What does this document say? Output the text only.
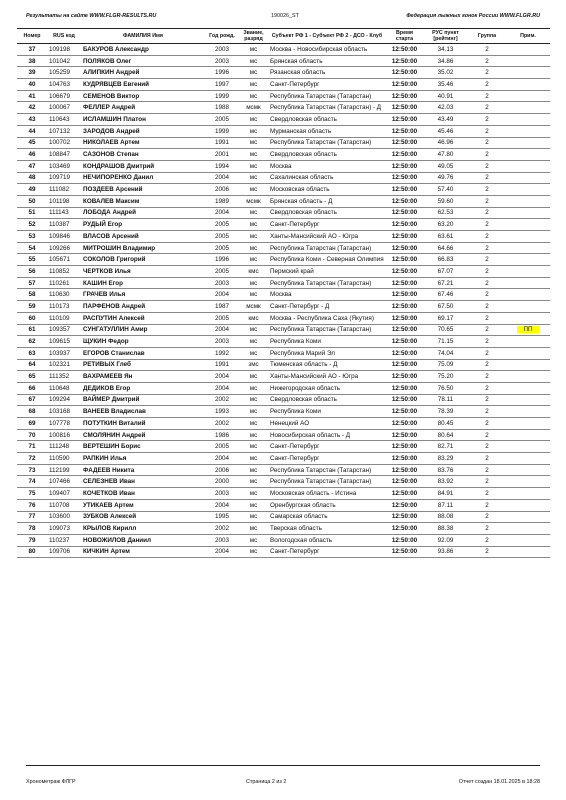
Результаты на сайте WWW.FLGR-RESULTS.RU	190026_ST	Федерация лыжных гонок России WWW.FLGR.RU
Номер	RUS код	ФАМИЛИЯ Имя	Год рожд.	Звание, разряд	Субъект РФ 1 - Субъект РФ 2 - ДСО - Клуб	Время старта	РУС пункт [рейтинг]	Группа	Прим.
37	109198	БАКУРОВ Александр	2003	мс	Москва - Новосибирская область	12:50:00	34.13	2	
38	101042	ПОЛЯКОВ Олег	2003	мс	Брянская область	12:50:00	34.86	2	
39	105259	АЛИПКИН Андрей	1996	мс	Рязанская область	12:50:00	35.02	2	
40	104763	КУДРЯВЦЕВ Евгений	1997	мс	Санкт-Петербург	12:50:00	35.46	2	
41	106679	СЕМЕНОВ Виктор	1999	мс	Республика Татарстан (Татарстан)	12:50:00	40.91	2	
42	100067	ФЕЛЛЕР Андрей	1988	мсмк	Республика Татарстан (Татарстан) - Д	12:50:00	42.03	2	
43	110643	ИСЛАМШИН Платон	2005	мс	Свердловская область	12:50:00	43.49	2	
44	107132	ЗАРОДОВ Андрей	1999	мс	Мурманская область	12:50:00	45.46	2	
45	100702	НИКОЛАЕВ Артем	1991	мс	Республика Татарстан (Татарстан)	12:50:00	46.96	2	
46	108847	САЗОНОВ Степан	2001	мс	Свердловская область	12:50:00	47.80	2	
47	103469	КОНДРАШОВ Дмитрий	1994	мс	Москва	12:50:00	49.05	2	
48	109719	НЕЧИПОРЕНКО Данил	2004	мс	Сахалинская область	12:50:00	49.76	2	
49	111082	ПОЗДЕЕВ Арсений	2006	мс	Московская область	12:50:00	57.40	2	
50	101198	КОВАЛЕВ Максим	1989	мсмк	Брянская область - Д	12:50:00	59.60	2	
51	111143	ЛОБОДА Андрей	2004	мс	Свердловская область	12:50:00	62.53	2	
52	110387	РУДЫЙ Егор	2005	мс	Санкт-Петербург	12:50:00	63.20	2	
53	109846	ВЛАСОВ Арсений	2005	мс	Ханты-Мансийский АО - Югра	12:50:00	63.61	2	
54	109266	МИТРОШИН Владимир	2005	мс	Республика Татарстан (Татарстан)	12:50:00	64.66	2	
55	105671	СОКОЛОВ Григорий	1996	мс	Республика Коми - Северная Олимпия	12:50:00	66.83	2	
56	110852	ЧЕРТКОВ Илья	2005	кмс	Пермский край	12:50:00	67.07	2	
57	110261	КАШИН Егор	2003	мс	Республика Татарстан (Татарстан)	12:50:00	67.21	2	
58	110630	ГРАЧЕВ Илья	2004	мс	Москва	12:50:00	67.46	2	
59	110173	ПАРФЕНОВ Андрей	1987	мсмк	Санкт-Петербург - Д	12:50:00	67.50	2	
60	110109	РАСПУТИН Алексей	2005	кмс	Москва - Республика Саха (Якутия)	12:50:00	69.17	2	
61	109357	СУНГАТУЛЛИН Амир	2004	мс	Республика Татарстан (Татарстан)	12:50:00	70.65	2	ПП
62	109615	ЩУКИН Федор	2003	мс	Республика Коми	12:50:00	71.15	2	
63	103937	ЕГОРОВ Станислав	1992	мс	Республика Марий Эл	12:50:00	74.04	2	
64	102321	РЕТИВЫХ Глеб	1991	змс	Тюменская область - Д	12:50:00	75.09	2	
65	111352	ВАХРАМЕЕВ Ян	2004	мс	Ханты-Мансийский АО - Югра	12:50:00	75.20	2	
66	110648	ДЕДИКОВ Егор	2004	мс	Нижегородская область	12:50:00	76.50	2	
67	109294	ВАЙМЕР Дмитрий	2002	мс	Свердловская область	12:50:00	78.11	2	
68	103168	ВАНЕЕВ Владислав	1993	мс	Республика Коми	12:50:00	78.39	2	
69	107778	ПОТУТКИН Виталий	2002	мс	Ненецкий АО	12:50:00	80.45	2	
70	100816	СМОЛЯНИН Андрей	1986	мс	Новосибирская область - Д	12:50:00	80.64	2	
71	111248	ВЕРТЕШИН Борис	2005	мс	Санкт-Петербург	12:50:00	82.71	2	
72	110590	РАПКИН Илья	2004	мс	Санкт-Петербург	12:50:00	83.29	2	
73	112199	ФАДЕЕВ Никита	2006	мс	Республика Татарстан (Татарстан)	12:50:00	83.76	2	
74	107466	СЕЛЕЗНЕВ Иван	2000	мс	Республика Татарстан (Татарстан)	12:50:00	83.92	2	
75	109407	КОЧЕТКОВ Иван	2003	мс	Московская область - Истина	12:50:00	84.91	2	
76	110708	УТИКАЕВ Артем	2004	мс	Оренбургская область	12:50:00	87.11	2	
77	103600	ЗУБКОВ Алексей	1995	мс	Самарская область	12:50:00	88.08	2	
78	109073	КРЫЛОВ Кирилл	2002	мс	Тверская область	12:50:00	88.38	2	
79	110237	НОВОЖИЛОВ Даниил	2003	мс	Вологодская область	12:50:00	92.09	2	
80	109706	КИЧКИН Артем	2004	мс	Санкт-Петербург	12:50:00	93.86	2	
Хронометраж ФЛГР	Страница 2 из 2	Отчет создан 18.01.2025 в 18:28
